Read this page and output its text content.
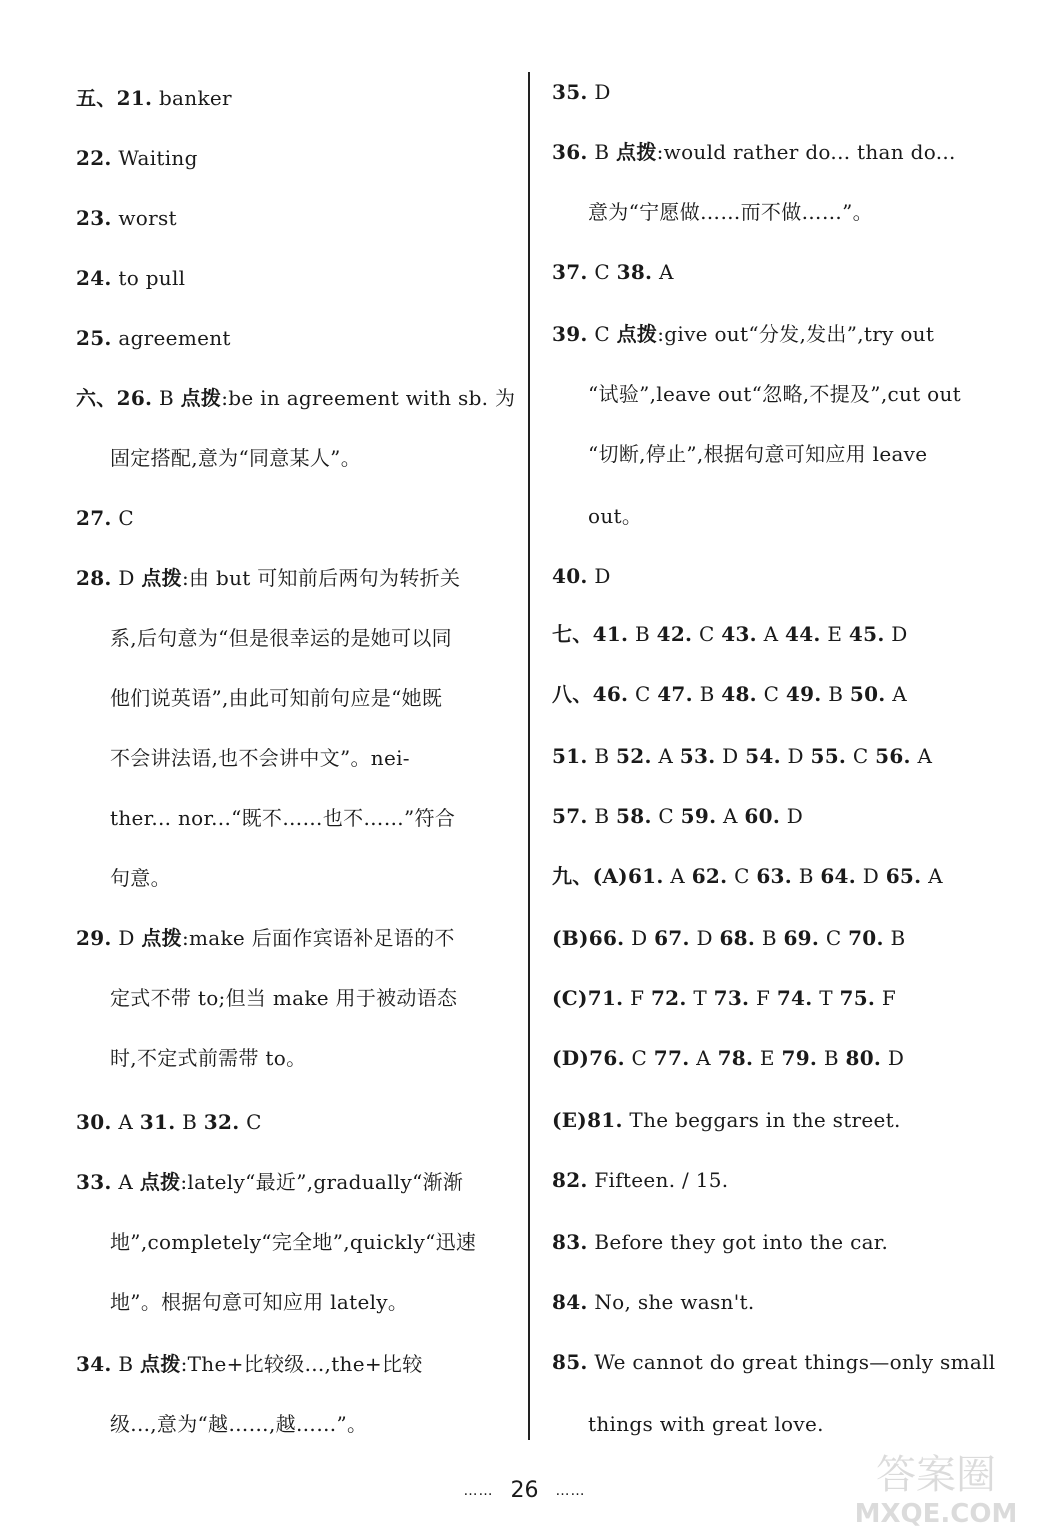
五、21. banker
22. Waiting
23. worst
24. to pull
25. agreement
六、26. B 点拨:be in agreement with sb. 为
固定搭配,意为“同意某人”。
27. C
28. D 点拨:由 but 可知前后两句为转折关
系,后句意为“但是很幸运的是她可以同
他们说英语”,由此可知前句应是“她既
不会讲法语,也不会讲中文”。nei-
ther... nor...“既不……也不……”符合
句意。
29. D 点拨:make 后面作宾语补足语的不
定式不带 to;但当 make 用于被动语态
时,不定式前需带 to。
30. A 31. B 32. C
33. A 点拨:lately“最近”,gradually“渐渐
地”,completely“完全地”,quickly“迅速
地”。根据句意可知应用 lately。
34. B 点拨:The+比较级...,the+比较
级...,意为“越……,越……”。
35. D
36. B 点拨:would rather do... than do...
意为“宁愿做……而不做……”。
37. C 38. A
39. C 点拨:give out“分发,发出”,try out
“试验”,leave out“忽略,不提及”,cut out
“切断,停止”,根据句意可知应用 leave
out。
40. D
七、41. B 42. C 43. A 44. E 45. D
八、46. C 47. B 48. C 49. B 50. A
51. B 52. A 53. D 54. D 55. C 56. A
57. B 58. C 59. A 60. D
九、(A)61. A 62. C 63. B 64. D 65. A
(B)66. D 67. D 68. B 69. C 70. B
(C)71. F 72. T 73. F 74. T 75. F
(D)76. C 77. A 78. E 79. B 80. D
(E)81. The beggars in the street.
82. Fifteen. / 15.
83. Before they got into the car.
84. No, she wasn't.
85. We cannot do great things—only small
things with great love.
…… 26 ……	答案圈
MXQE.COM
